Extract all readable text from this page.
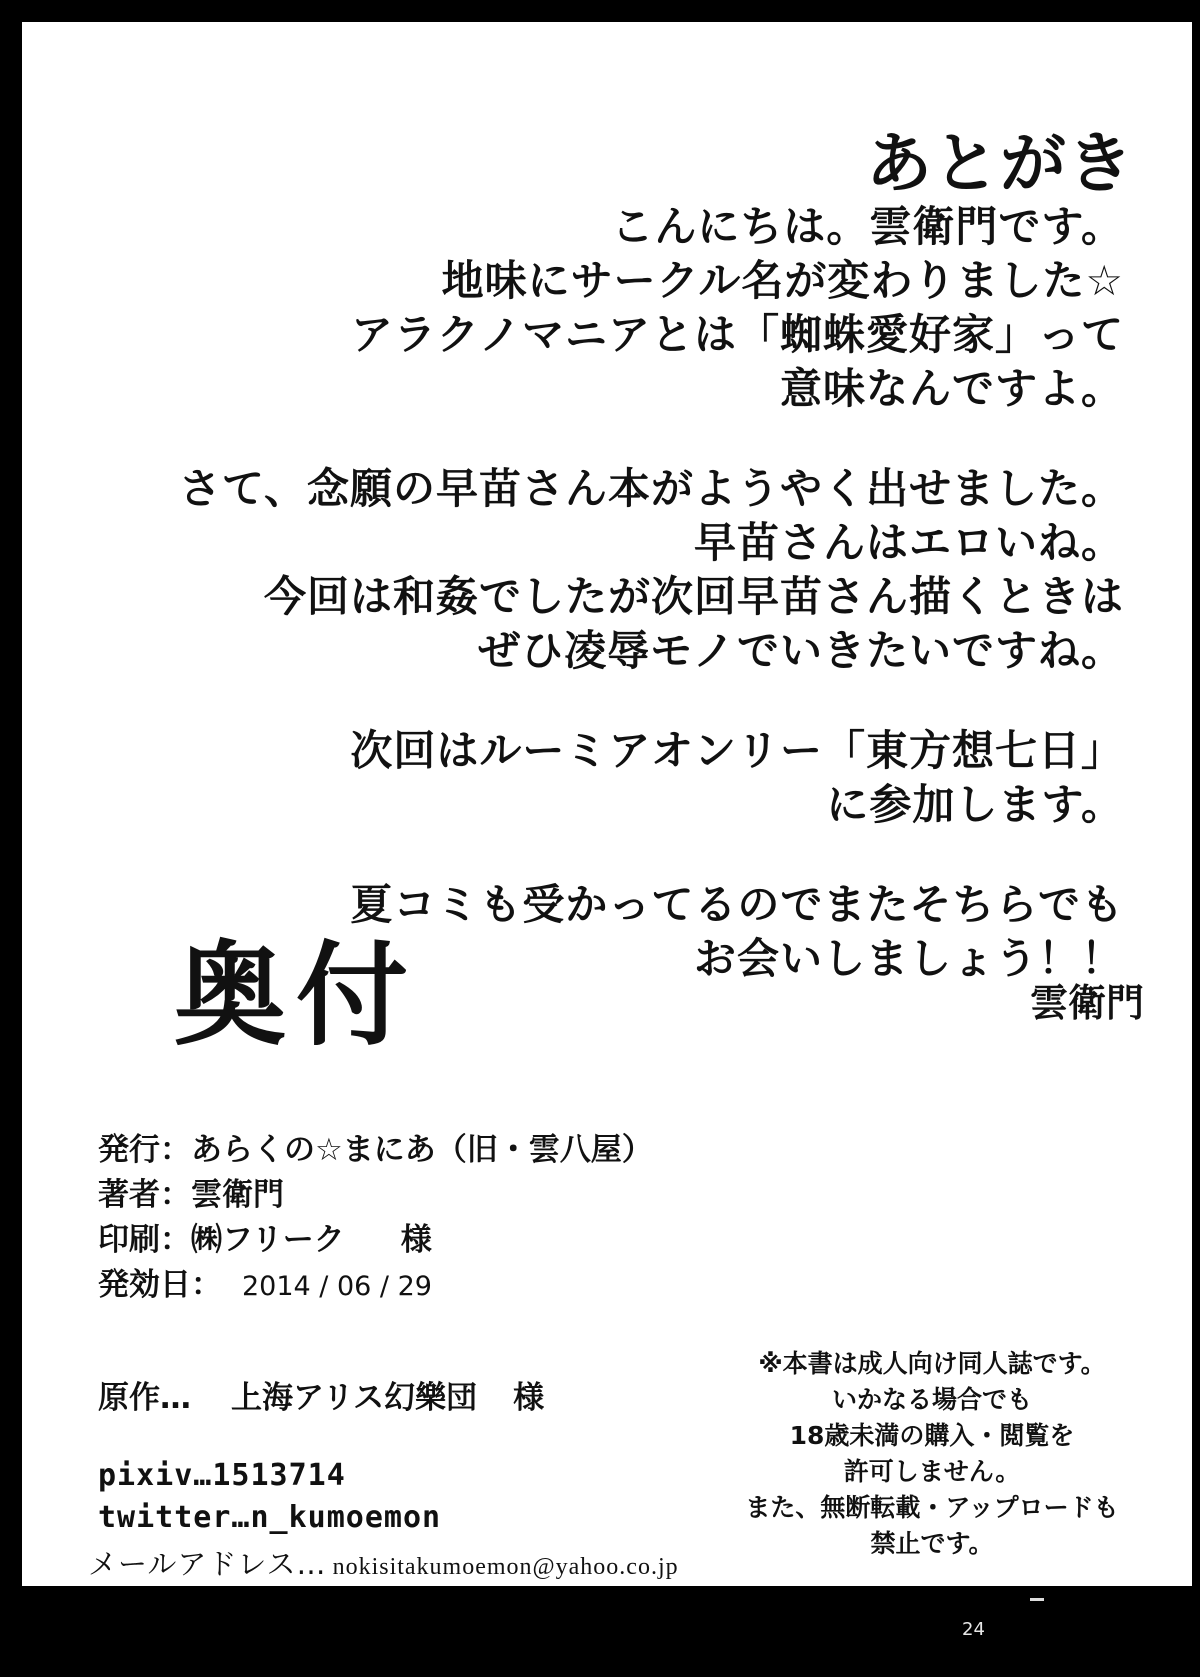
あとがき

こんにちは。雲衛門です。
地味にサークル名が変わりました☆
アラクノマニアとは「蜘蛛愛好家」って
意味なんですよ。

さて、念願の早苗さん本がようやく出せました。
早苗さんはエロいね。
今回は和姦でしたが次回早苗さん描くときは
ぜひ凌辱モノでいきたいですね。

次回はルーミアオンリー「東方想七日」
に参加します。

夏コミも受かってるのでまたそちらでも
お会いしましょう！！

雲衛門
奥付
発行：あらくの☆まにあ（旧・雲八屋）
著者：雲衛門
印刷：㈱フリーク 様
発効日： 2014 / 06 / 29
原作… 上海アリス幻樂団 様
pixiv…1513714
twitter…n_kumoemon
メールアドレス… nokisitakumoemon@yahoo.co.jp
※本書は成人向け同人誌です。
いかなる場合でも
18歳未満の購入・閲覧を
許可しません。
また、無断転載・アップロードも
禁止です。
24
